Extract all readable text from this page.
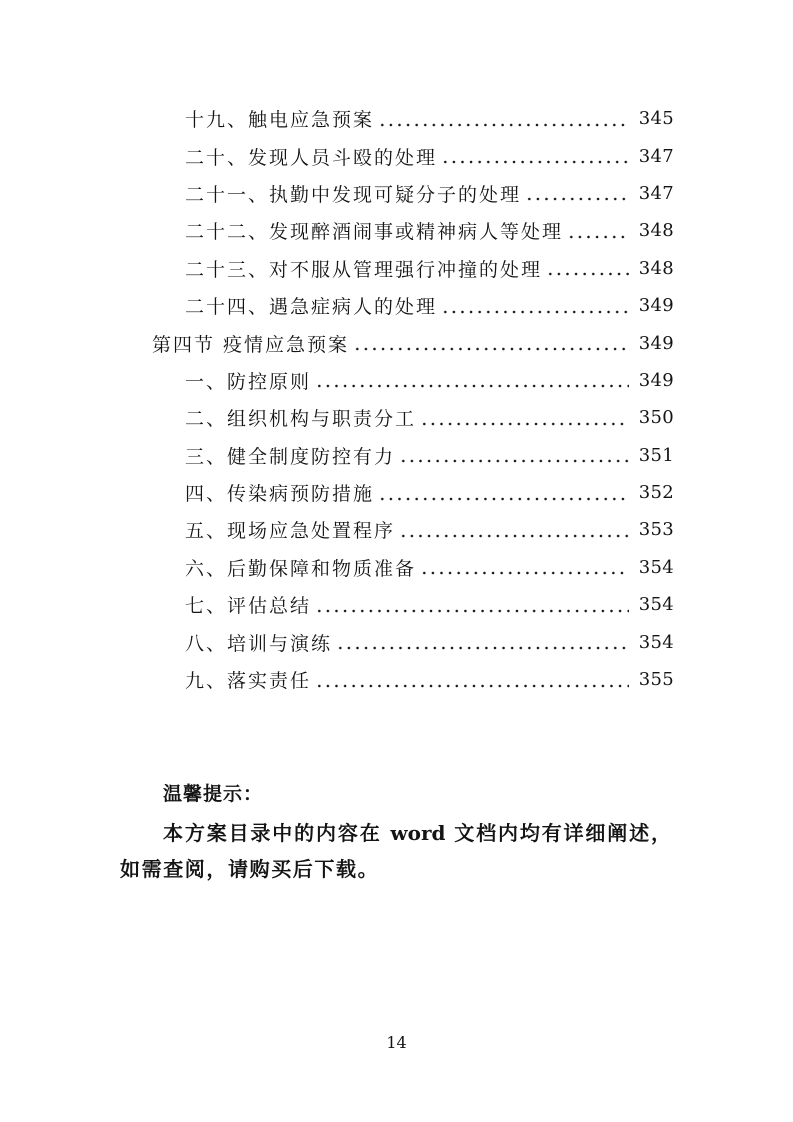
十九、触电应急预案	345
二十、发现人员斗殴的处理	347
二十一、执勤中发现可疑分子的处理	347
二十二、发现醉酒闹事或精神病人等处理	348
二十三、对不服从管理强行冲撞的处理	348
二十四、遇急症病人的处理	349
第四节 疫情应急预案	349
一、防控原则	349
二、组织机构与职责分工	350
三、健全制度防控有力	351
四、传染病预防措施	352
五、现场应急处置程序	353
六、后勤保障和物质准备	354
七、评估总结	354
八、培训与演练	354
九、落实责任	355
温馨提示：
本方案目录中的内容在 word 文档内均有详细阐述，
如需查阅，请购买后下载。
14
